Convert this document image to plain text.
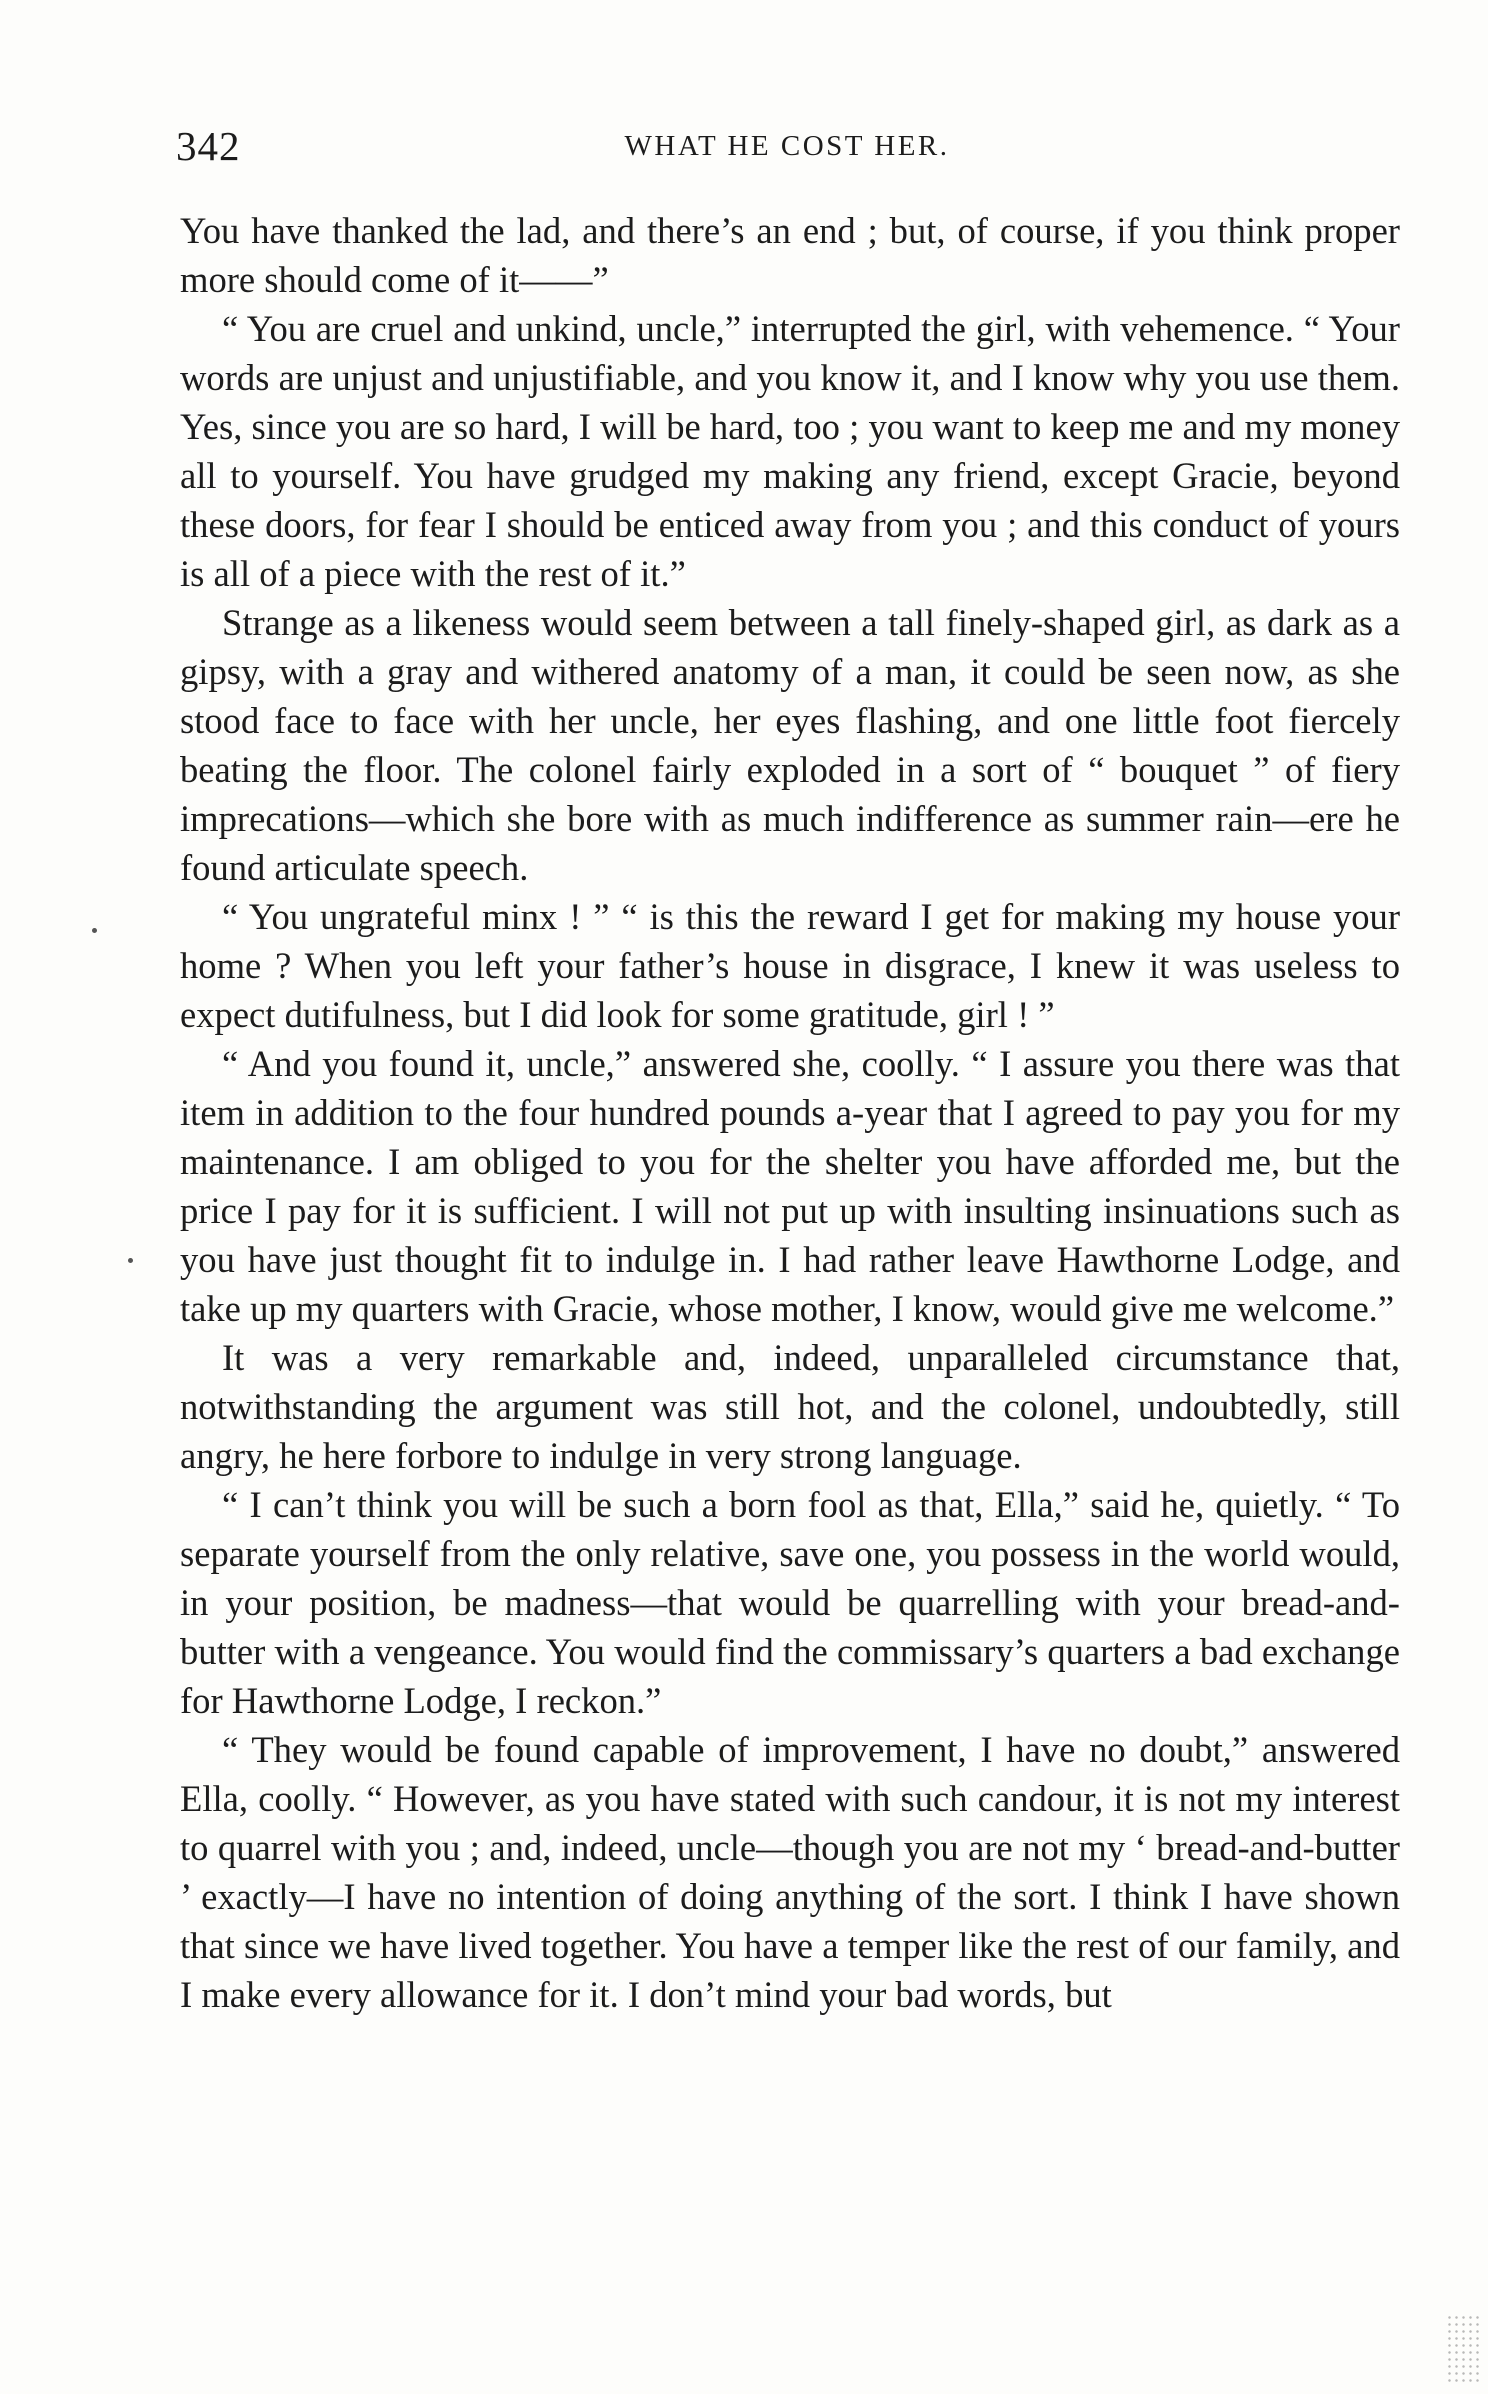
342	WHAT HE COST HER.

You have thanked the lad, and there’s an end ; but, of course, if you think proper more should come of it——”

“ You are cruel and unkind, uncle,” interrupted the girl, with vehemence. “ Your words are unjust and unjustifiable, and you know it, and I know why you use them. Yes, since you are so hard, I will be hard, too ; you want to keep me and my money all to yourself. You have grudged my making any friend, except Gracie, beyond these doors, for fear I should be enticed away from you ; and this conduct of yours is all of a piece with the rest of it.”

Strange as a likeness would seem between a tall finely-shaped girl, as dark as a gipsy, with a gray and withered anatomy of a man, it could be seen now, as she stood face to face with her uncle, her eyes flashing, and one little foot fiercely beating the floor. The colonel fairly exploded in a sort of “ bouquet ” of fiery imprecations—which she bore with as much indifference as summer rain—ere he found articulate speech.

“ You ungrateful minx ! ” “ is this the reward I get for making my house your home ? When you left your father’s house in disgrace, I knew it was useless to expect dutifulness, but I did look for some gratitude, girl ! ”

“ And you found it, uncle,” answered she, coolly. “ I assure you there was that item in addition to the four hundred pounds a-year that I agreed to pay you for my maintenance. I am obliged to you for the shelter you have afforded me, but the price I pay for it is sufficient. I will not put up with insulting insinuations such as you have just thought fit to indulge in. I had rather leave Hawthorne Lodge, and take up my quarters with Gracie, whose mother, I know, would give me welcome.”

It was a very remarkable and, indeed, unparalleled circumstance that, notwithstanding the argument was still hot, and the colonel, undoubtedly, still angry, he here forbore to indulge in very strong language.

“ I can’t think you will be such a born fool as that, Ella,” said he, quietly. “ To separate yourself from the only relative, save one, you possess in the world would, in your position, be madness—that would be quarrelling with your bread-and-butter with a vengeance. You would find the commissary’s quarters a bad exchange for Hawthorne Lodge, I reckon.”

“ They would be found capable of improvement, I have no doubt,” answered Ella, coolly. “ However, as you have stated with such candour, it is not my interest to quarrel with you ; and, indeed, uncle—though you are not my ‘ bread-and-butter ’ exactly—I have no intention of doing anything of the sort. I think I have shown that since we have lived together. You have a temper like the rest of our family, and I make every allowance for it. I don’t mind your bad words, but
